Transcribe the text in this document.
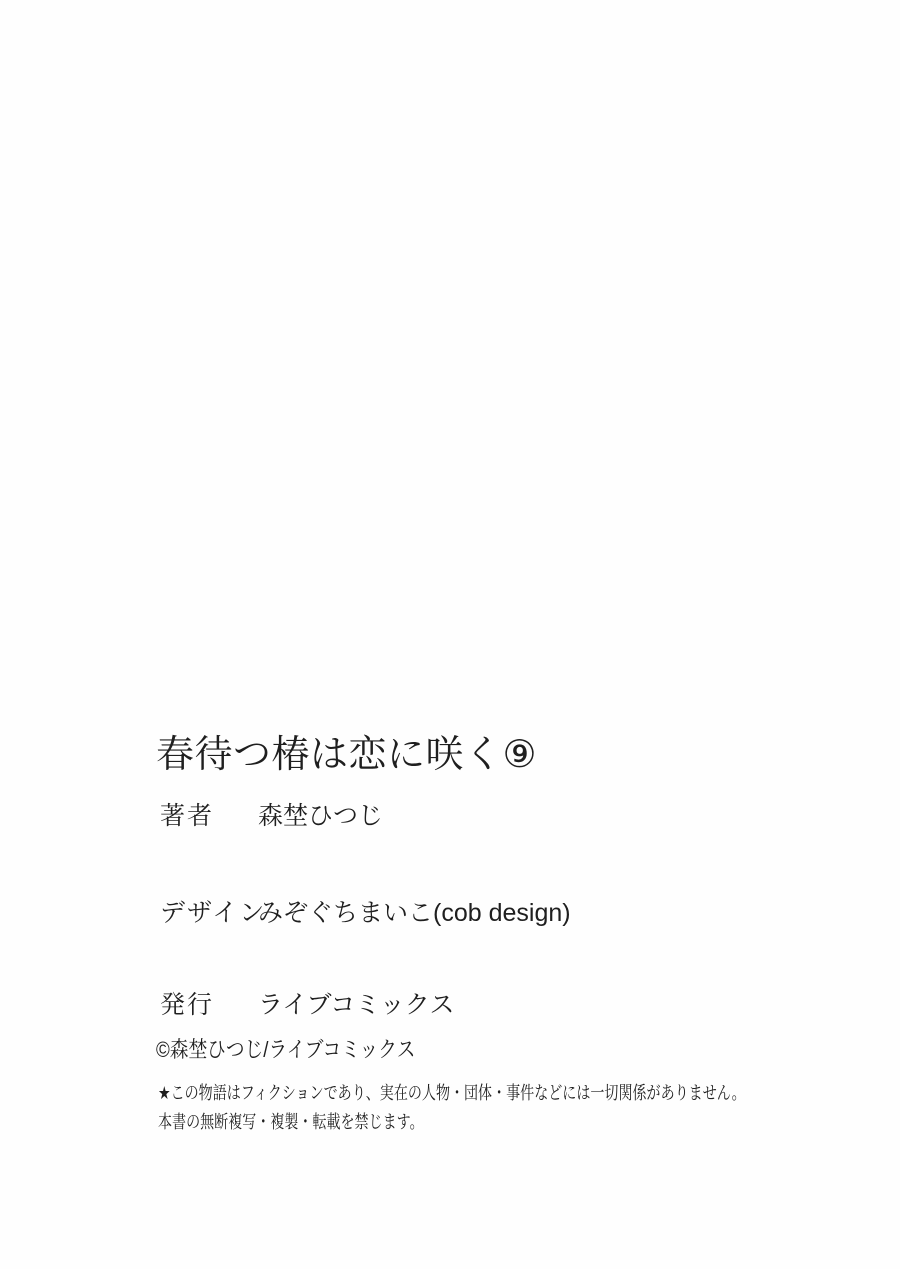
春待つ椿は恋に咲く⑨
著者 森埜ひつじ
デザインみぞぐちまいこ(cob design)
発行 ライブコミックス
©森埜ひつじ/ライブコミックス
★この物語はフィクションであり、実在の人物・団体・事件などには一切関係がありません。
本書の無断複写・複製・転載を禁じます。
